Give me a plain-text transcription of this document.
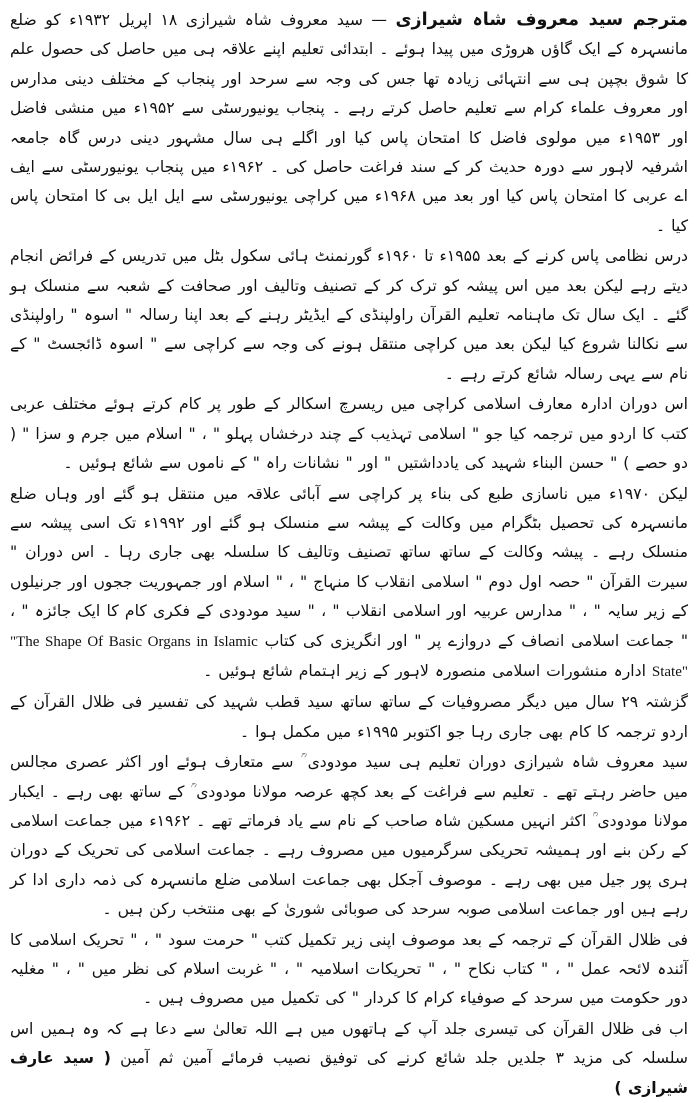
مترجم سید معروف شاہ شیرازی — سید معروف شاہ شیرازی ۱۸ اپریل ۱۹۳۲ء کو ضلع مانسہرہ کے ایک گاؤں ھروڑی میں پیدا ہوئے ۔ ابتدائی تعلیم اپنے علاقہ ہی میں حاصل کی حصول علم کا شوق بچپن ہی سے انتہائی زیادہ تھا جس کی وجہ سے سرحد اور پنجاب کے مختلف دینی مدارس اور معروف علماء کرام سے تعلیم حاصل کرتے رہے ۔ پنجاب یونیورسٹی سے ۱۹۵۲ء میں منشی فاضل اور ۱۹۵۳ء میں مولوی فاضل کا امتحان پاس کیا اور اگلے ہی سال مشہور دینی درس گاہ جامعہ اشرفیہ لاہور سے دورہ حدیث کر کے سند فراغت حاصل کی ۔ ۱۹۶۲ء میں پنجاب یونیورسٹی سے ایف اے عربی کا امتحان پاس کیا اور بعد میں ۱۹۶۸ء میں کراچی یونیورسٹی سے ایل ایل بی کا امتحان پاس کیا ۔

درس نظامی پاس کرنے کے بعد ۱۹۵۵ء تا ۱۹۶۰ء گورنمنٹ ہائی سکول بٹل میں تدریس کے فرائض انجام دیتے رہے لیکن بعد میں اس پیشہ کو ترک کر کے تصنیف وتالیف اور صحافت کے شعبہ سے منسلک ہو گئے ۔ ایک سال تک ماہنامہ تعلیم القرآن راولپنڈی کے ایڈیٹر رہنے کے بعد اپنا رسالہ " اسوہ " راولپنڈی سے نکالنا شروع کیا لیکن بعد میں کراچی منتقل ہونے کی وجہ سے کراچی سے " اسوہ ڈائجسٹ " کے نام سے یہی رسالہ شائع کرتے رہے ۔

اس دوران ادارہ معارف اسلامی کراچی میں ریسرچ اسکالر کے طور پر کام کرتے ہوئے مختلف عربی کتب کا اردو میں ترجمہ کیا جو " اسلامی تہذیب کے چند درخشاں پہلو " ، " اسلام میں جرم و سزا " ( دو حصے ) " حسن البناء شہید کی یادداشتیں " اور " نشانات راہ " کے ناموں سے شائع ہوئیں ۔

لیکن ۱۹۷۰ء میں ناسازی طبع کی بناء پر کراچی سے آبائی علاقہ میں منتقل ہو گئے اور وہاں ضلع مانسہرہ کی تحصیل بٹگرام میں وکالت کے پیشہ سے منسلک ہو گئے اور ۱۹۹۲ء تک اسی پیشہ سے منسلک رہے ۔ پیشہ وکالت کے ساتھ ساتھ تصنیف وتالیف کا سلسلہ بھی جاری رہا ۔ اس دوران " سیرت القرآن " حصہ اول دوم " اسلامی انقلاب کا منہاج " ، " اسلام اور جمہوریت ججوں اور جرنیلوں کے زیر سایہ " ، " مدارس عربیہ اور اسلامی انقلاب " ، " سید مودودی کے فکری کام کا ایک جائزہ " ، " جماعت اسلامی انصاف کے دروازے پر " اور انگریزی کی کتاب "The Shape Of Basic Organs in Islamic State" ادارہ منشورات اسلامی منصورہ لاہور کے زیر اہتمام شائع ہوئیں ۔

گزشتہ ۲۹ سال میں دیگر مصروفیات کے ساتھ ساتھ سید قطب شہید کی تفسیر فی ظلال القرآن کے اردو ترجمہ کا کام بھی جاری رہا جو اکتوبر ۱۹۹۵ء میں مکمل ہوا ۔

سید معروف شاہ شیرازی دوران تعلیم ہی سید مودودی ؒ سے متعارف ہوئے اور اکثر عصری مجالس میں حاضر رہتے تھے ۔ تعلیم سے فراغت کے بعد کچھ عرصہ مولانا مودودی ؒ کے ساتھ بھی رہے ۔ ایکبار مولانا مودودی ؒ اکثر انہیں مسکین شاہ صاحب کے نام سے یاد فرماتے تھے ۔ ۱۹۶۲ء میں جماعت اسلامی کے رکن بنے اور ہمیشہ تحریکی سرگرمیوں میں مصروف رہے ۔ جماعت اسلامی کی تحریک کے دوران ہری پور جیل میں بھی رہے ۔ موصوف آجکل بھی جماعت اسلامی ضلع مانسہرہ کی ذمہ داری ادا کر رہے ہیں اور جماعت اسلامی صوبہ سرحد کی صوبائی شوریٰ کے بھی منتخب رکن ہیں ۔

فی ظلال القرآن کے ترجمہ کے بعد موصوف اپنی زیر تکمیل کتب " حرمت سود " ، " تحریک اسلامی کا آئندہ لائحہ عمل " ، " کتاب نکاح " ، " تحریکات اسلامیہ " ، " غربت اسلام کی نظر میں " ، " مغلیہ دور حکومت میں سرحد کے صوفیاء کرام کا کردار " کی تکمیل میں مصروف ہیں ۔

اب فی ظلال القرآن کی تیسری جلد آپ کے ہاتھوں میں ہے اللہ تعالیٰ سے دعا ہے کہ وہ ہمیں اس سلسلہ کی مزید ۳ جلدیں جلد شائع کرنے کی توفیق نصیب فرمائے آمین ثم آمین ( سید عارف شیرازی )
